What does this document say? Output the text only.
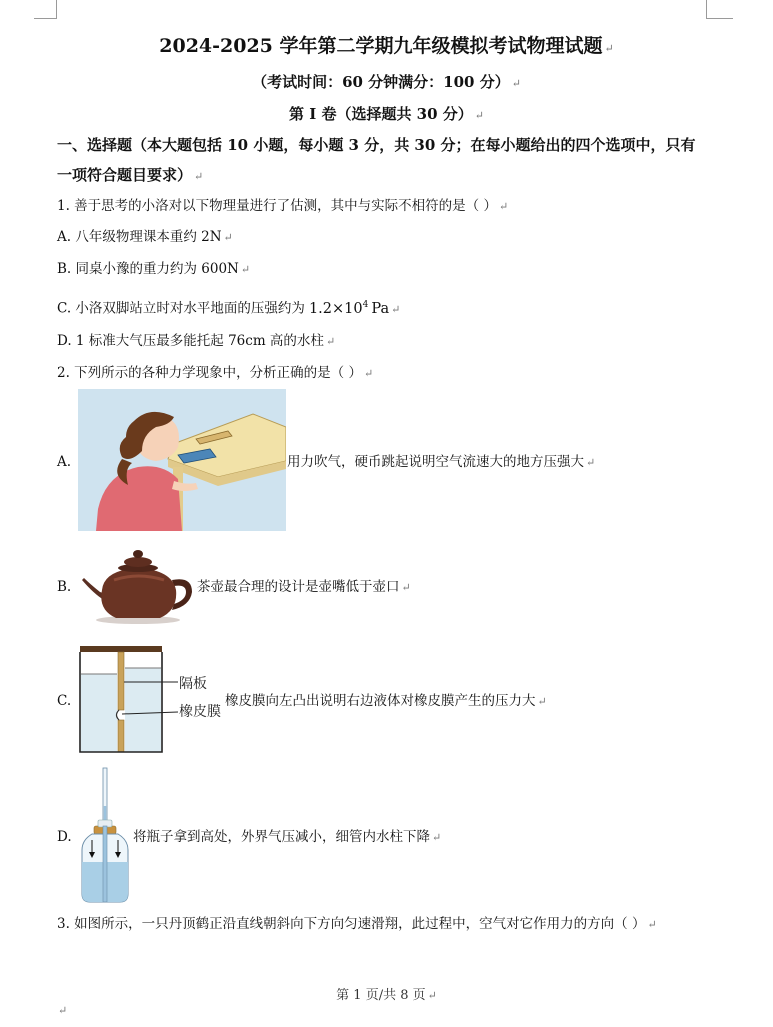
2024-2025 学年第二学期九年级模拟考试物理试题 ↵
（考试时间：60 分钟满分：100 分） ↵
第 I 卷（选择题共 30 分） ↵
一、选择题（本大题包括 10 小题，每小题 3 分，共 30 分；在每小题给出的四个选项中，只有
一项符合题目要求） ↵
1. 善于思考的小洛对以下物理量进行了估测，其中与实际不相符的是（ ） ↵
A. 八年级物理课本重约 2N ↵
B. 同桌小豫的重力约为 600N ↵
C. 小洛双脚站立时对水平地面的压强约为 $1.2\times 10^4$ Pa ↵
D. 1 标准大气压最多能托起 76cm 高的水柱 ↵
2. 下列所示的各种力学现象中，分析正确的是（ ） ↵
A.	用力吹气，硬币跳起说明空气流速大的地方压强大 ↵
B.	茶壶最合理的设计是壶嘴低于壶口 ↵
C.
隔板
橡皮膜
橡皮膜向左凸出说明右边液体对橡皮膜产生的压力大 ↵
D.	将瓶子拿到高处，外界气压减小，细管内水柱下降 ↵
3. 如图所示，一只丹顶鹤正沿直线朝斜向下方向匀速滑翔，此过程中，空气对它作用力的方向（ ） ↵
第 1 页/共 8 页 ↵
↵
